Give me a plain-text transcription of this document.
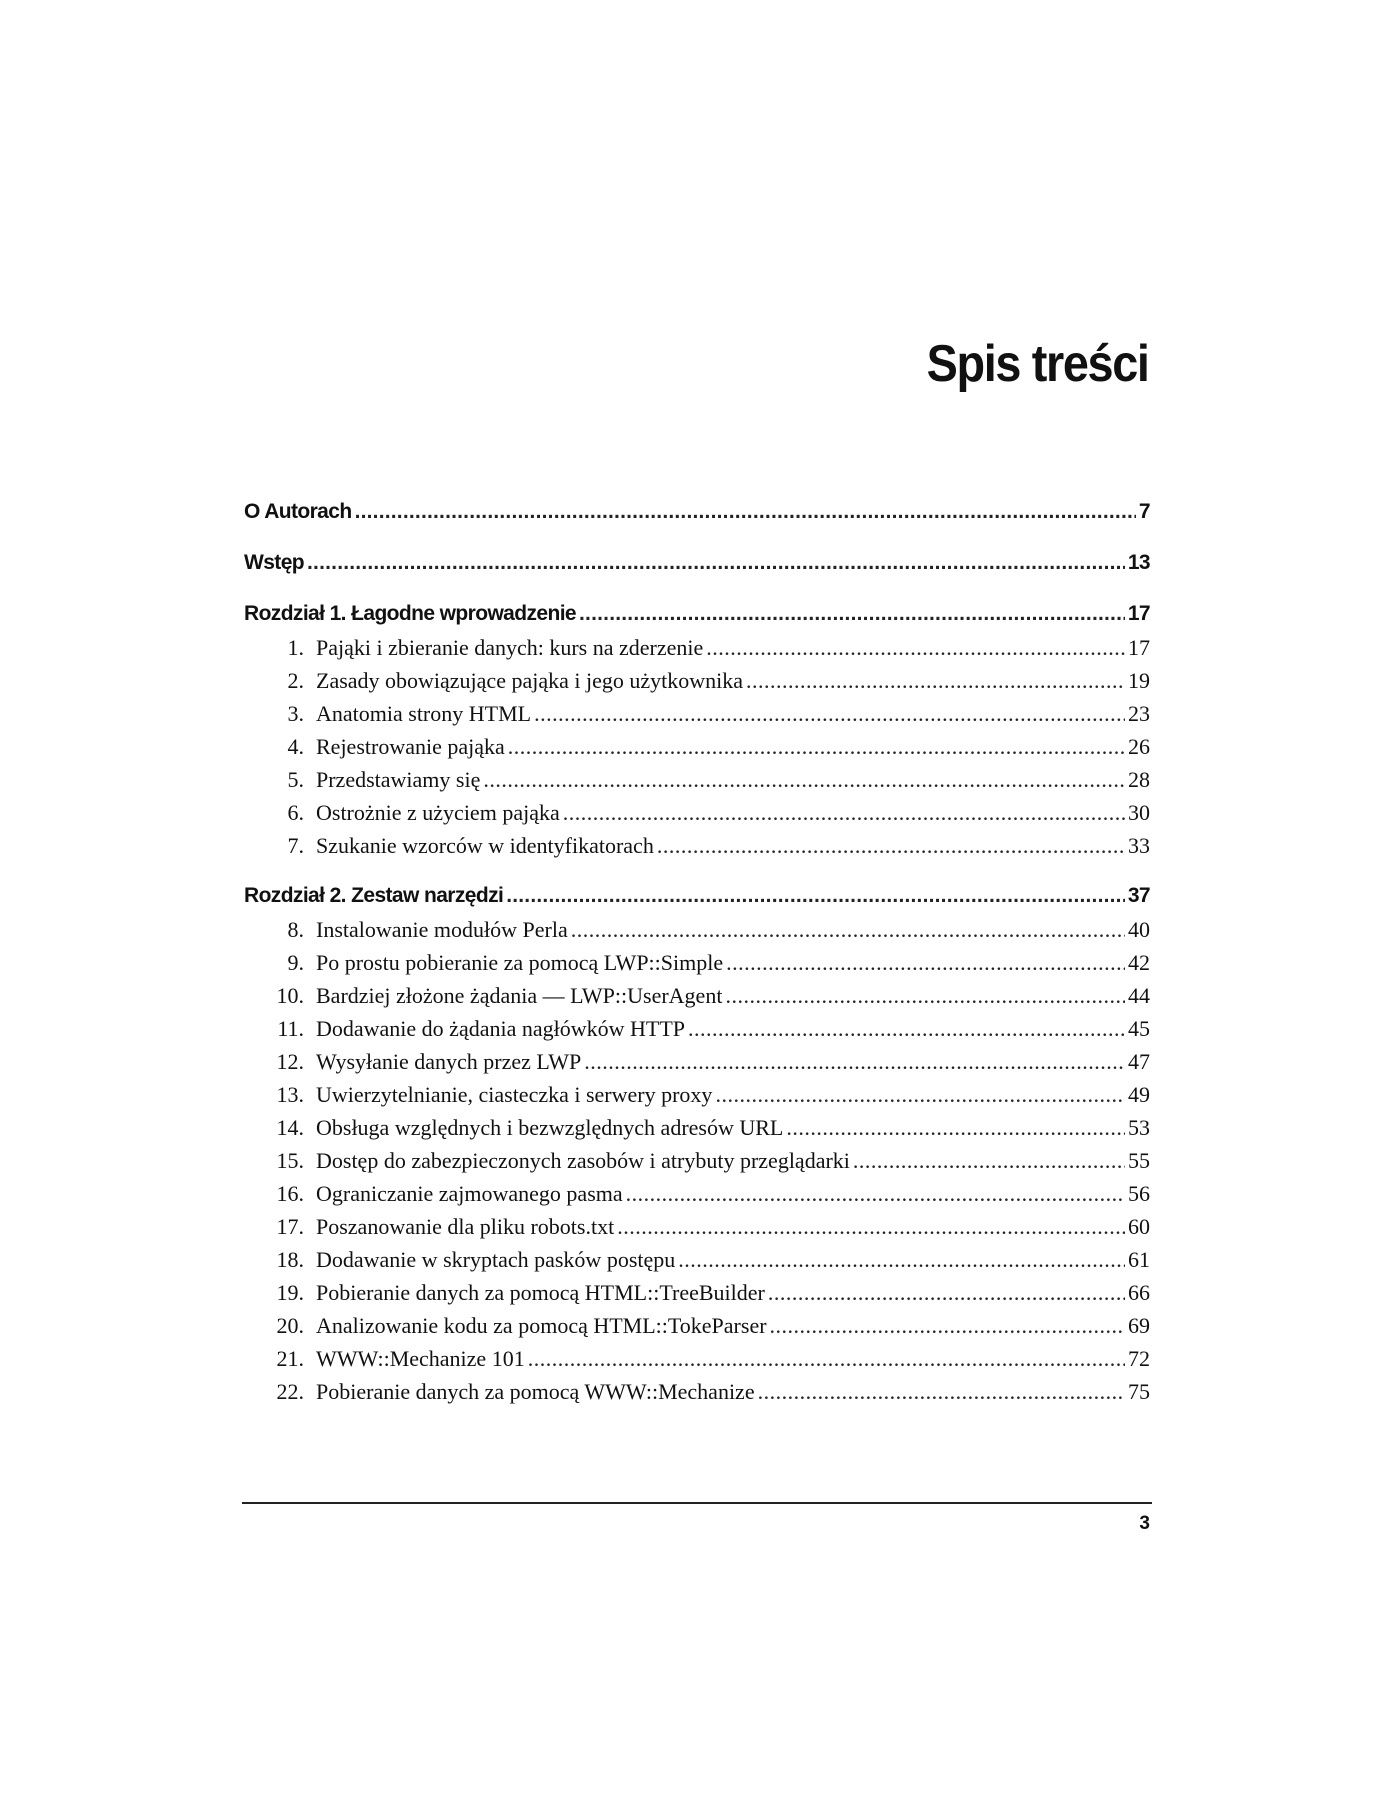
Spis treści
O Autorach .....	7
Wstęp .....	13
Rozdział 1. Łagodne wprowadzenie .....	17
1. Pająki i zbieranie danych: kurs na zderzenie .....	17
2. Zasady obowiązujące pająka i jego użytkownika .....	19
3. Anatomia strony HTML .....	23
4. Rejestrowanie pająka .....	26
5. Przedstawiamy się .....	28
6. Ostrożnie z użyciem pająka .....	30
7. Szukanie wzorców w identyfikatorach .....	33
Rozdział 2. Zestaw narzędzi .....	37
8. Instalowanie modułów Perla .....	40
9. Po prostu pobieranie za pomocą LWP::Simple .....	42
10. Bardziej złożone żądania — LWP::UserAgent .....	44
11. Dodawanie do żądania nagłówków HTTP .....	45
12. Wysyłanie danych przez LWP .....	47
13. Uwierzytelnianie, ciasteczka i serwery proxy .....	49
14. Obsługa względnych i bezwzględnych adresów URL .....	53
15. Dostęp do zabezpieczonych zasobów i atrybuty przeglądarki .....	55
16. Ograniczanie zajmowanego pasma .....	56
17. Poszanowanie dla pliku robots.txt .....	60
18. Dodawanie w skryptach pasków postępu .....	61
19. Pobieranie danych za pomocą HTML::TreeBuilder .....	66
20. Analizowanie kodu za pomocą HTML::TokeParser .....	69
21. WWW::Mechanize 101 .....	72
22. Pobieranie danych za pomocą WWW::Mechanize .....	75
3
